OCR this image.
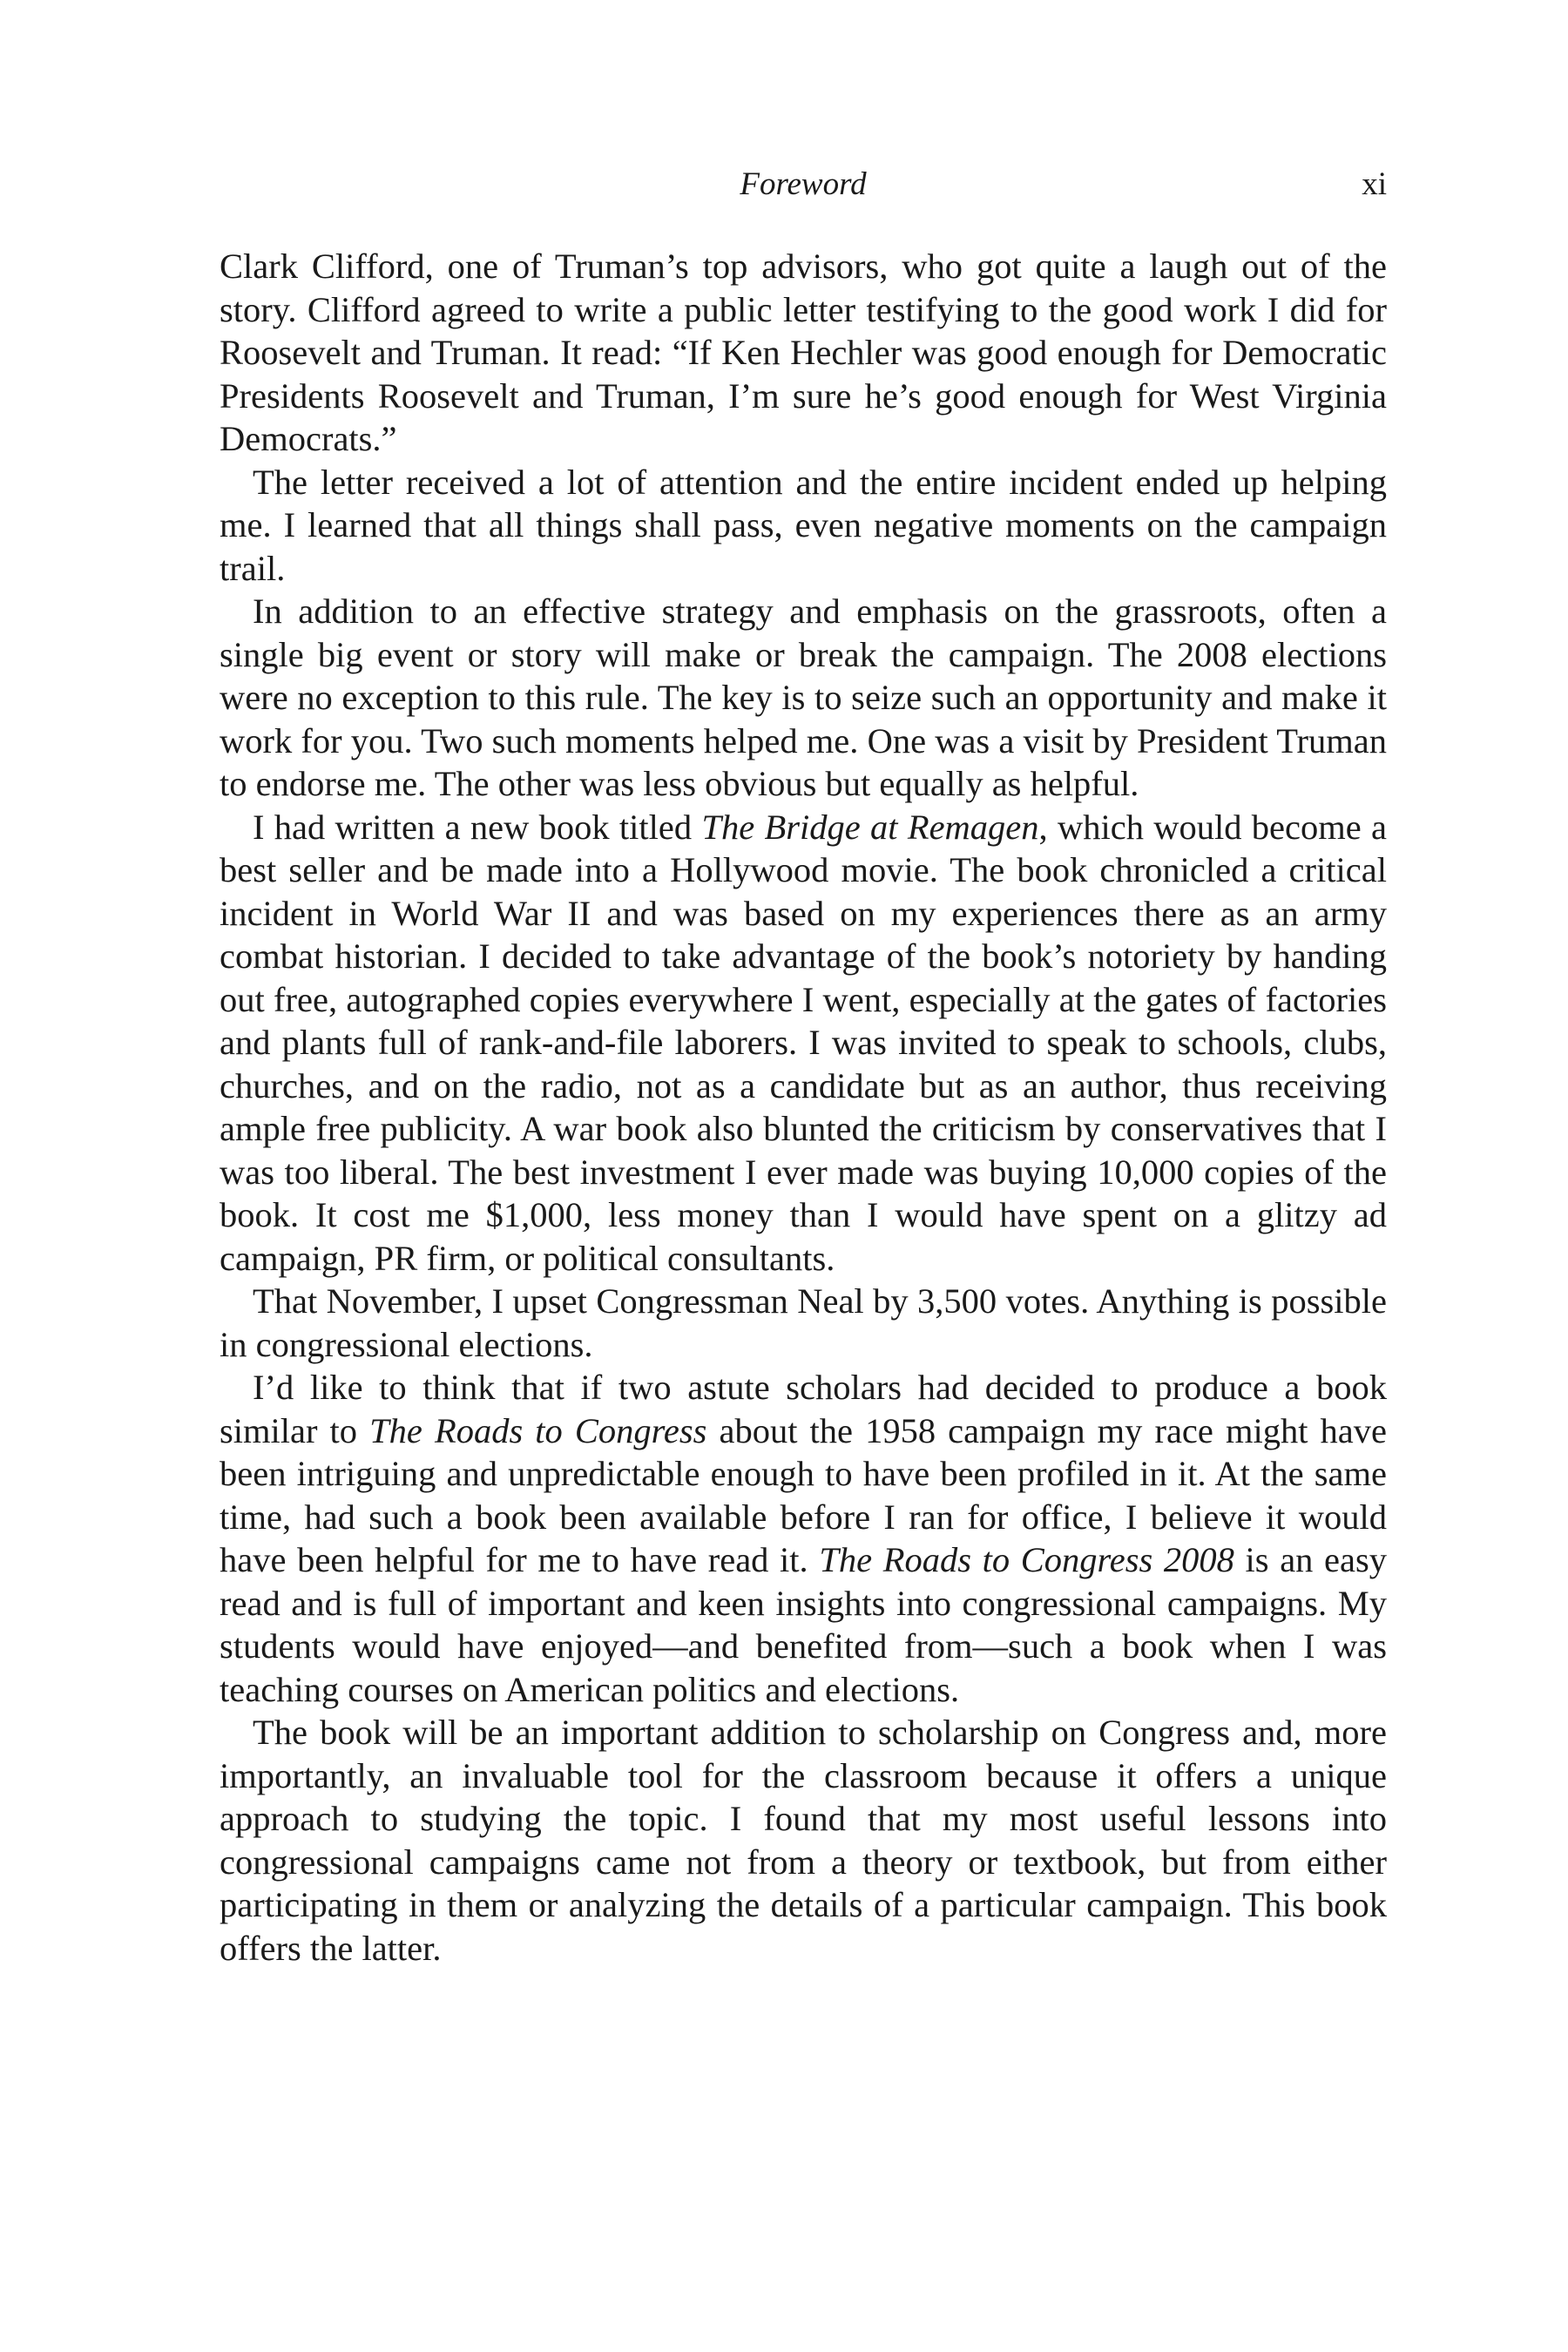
Foreword	xi

Clark Clifford, one of Truman’s top advisors, who got quite a laugh out of the story. Clifford agreed to write a public letter testifying to the good work I did for Roosevelt and Truman. It read: “If Ken Hechler was good enough for Democratic Presidents Roosevelt and Truman, I’m sure he’s good enough for West Virginia Democrats.”

The letter received a lot of attention and the entire incident ended up helping me. I learned that all things shall pass, even negative moments on the campaign trail.

In addition to an effective strategy and emphasis on the grassroots, often a single big event or story will make or break the campaign. The 2008 elections were no exception to this rule. The key is to seize such an opportunity and make it work for you. Two such moments helped me. One was a visit by President Truman to endorse me. The other was less obvious but equally as helpful.

I had written a new book titled The Bridge at Remagen, which would become a best seller and be made into a Hollywood movie. The book chronicled a critical incident in World War II and was based on my experiences there as an army combat historian. I decided to take advantage of the book’s notoriety by handing out free, autographed copies everywhere I went, especially at the gates of factories and plants full of rank-and-file laborers. I was invited to speak to schools, clubs, churches, and on the radio, not as a candidate but as an author, thus receiving ample free publicity. A war book also blunted the criticism by conservatives that I was too liberal. The best investment I ever made was buying 10,000 copies of the book. It cost me $1,000, less money than I would have spent on a glitzy ad campaign, PR firm, or political consultants.

That November, I upset Congressman Neal by 3,500 votes. Anything is possible in congressional elections.

I’d like to think that if two astute scholars had decided to produce a book similar to The Roads to Congress about the 1958 campaign my race might have been intriguing and unpredictable enough to have been profiled in it. At the same time, had such a book been available before I ran for office, I believe it would have been helpful for me to have read it. The Roads to Congress 2008 is an easy read and is full of important and keen insights into congressional campaigns. My students would have enjoyed—and benefited from—such a book when I was teaching courses on American politics and elections.

The book will be an important addition to scholarship on Congress and, more importantly, an invaluable tool for the classroom because it offers a unique approach to studying the topic. I found that my most useful lessons into congressional campaigns came not from a theory or textbook, but from either participating in them or analyzing the details of a particular campaign. This book offers the latter.
